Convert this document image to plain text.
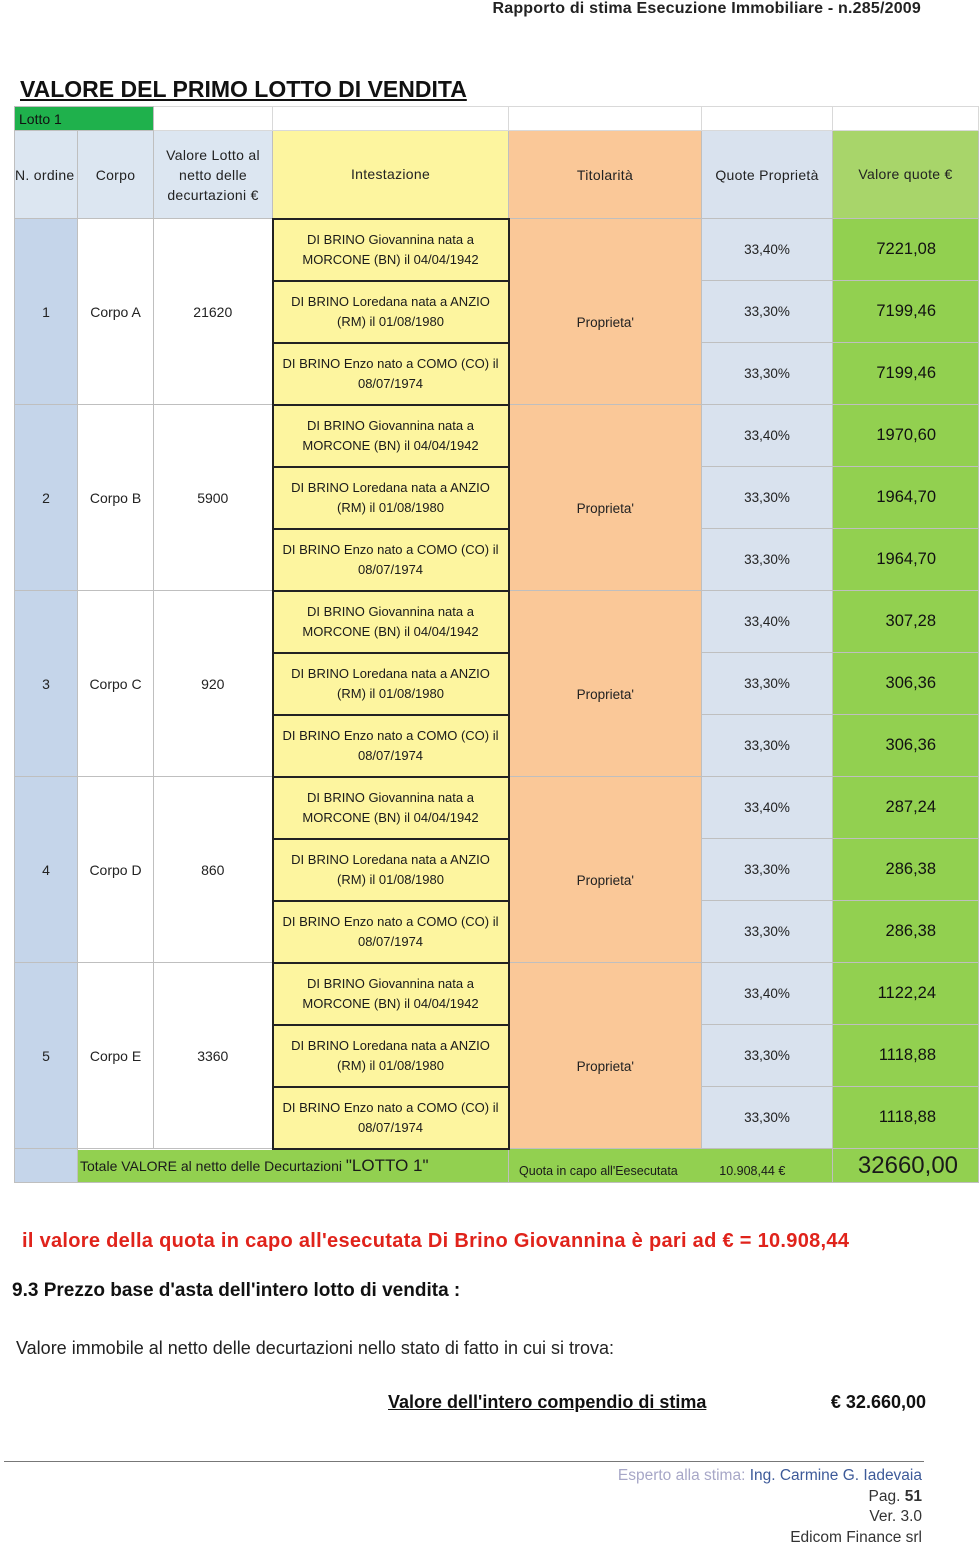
Rapporto di stima Esecuzione Immobiliare - n.285/2009
VALORE DEL PRIMO LOTTO DI VENDITA
Lotto 1						
N. ordine	Corpo	Valore Lotto al netto delle decurtazioni €	Intestazione	Titolarità	Quote Proprietà	Valore quote €
1	Corpo A	21620	DI BRINO Giovannina nata a MORCONE (BN) il 04/04/1942	Proprieta'	33,40%	7221,08
			DI BRINO Loredana nata a ANZIO (RM) il 01/08/1980		33,30%	7199,46
			DI BRINO Enzo nato a COMO (CO) il 08/07/1974		33,30%	7199,46
2	Corpo B	5900	DI BRINO Giovannina nata a MORCONE (BN) il 04/04/1942	Proprieta'	33,40%	1970,60
			DI BRINO Loredana nata a ANZIO (RM) il 01/08/1980		33,30%	1964,70
			DI BRINO Enzo nato a COMO (CO) il 08/07/1974		33,30%	1964,70
3	Corpo C	920	DI BRINO Giovannina nata a MORCONE (BN) il 04/04/1942	Proprieta'	33,40%	307,28
			DI BRINO Loredana nata a ANZIO (RM) il 01/08/1980		33,30%	306,36
			DI BRINO Enzo nato a COMO (CO) il 08/07/1974		33,30%	306,36
4	Corpo D	860	DI BRINO Giovannina nata a MORCONE (BN) il 04/04/1942	Proprieta'	33,40%	287,24
			DI BRINO Loredana nata a ANZIO (RM) il 01/08/1980		33,30%	286,38
			DI BRINO Enzo nato a COMO (CO) il 08/07/1974		33,30%	286,38
5	Corpo E	3360	DI BRINO Giovannina nata a MORCONE (BN) il 04/04/1942	Proprieta'	33,40%	1122,24
			DI BRINO Loredana nata a ANZIO (RM) il 01/08/1980		33,30%	1118,88
			DI BRINO Enzo nato a COMO (CO) il 08/07/1974		33,30%	1118,88
	Totale VALORE al netto delle Decurtazioni "LOTTO 1"			Quota in capo all'Eesecutata 10.908,44 €		32660,00
il valore della quota in capo all'esecutata Di Brino Giovannina è pari ad € = 10.908,44
9.3 Prezzo base d'asta dell'intero lotto di vendita :
Valore immobile al netto delle decurtazioni nello stato di fatto in cui si trova:
Valore dell'intero compendio di stima	€ 32.660,00
Esperto alla stima: Ing. Carmine G. Iadevaia
Pag. 51
Ver. 3.0
Edicom Finance srl
